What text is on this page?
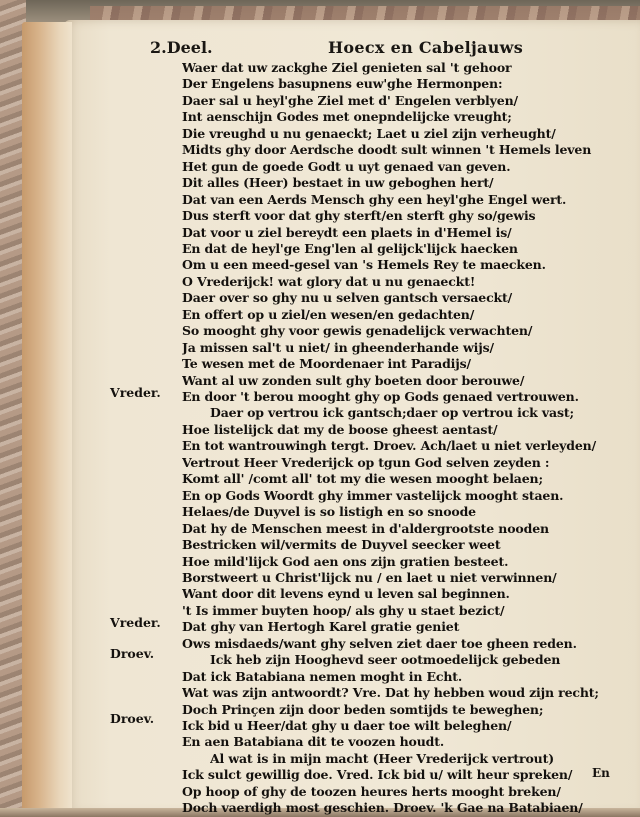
2.Deel.	Hoecx en Cabeljauws
Vreder.
Vreder.
Droev.
Droev.
Waer dat uw zackghe Ziel genieten sal 't gehoor
Der Engelens basupnens euw'ghe Hermonpen:
Daer sal u heyl'ghe Ziel met d' Engelen verblyen/
Int aenschijn Godes met onepndelijcke vreught;
Die vreughd u nu genaeckt; Laet u ziel zijn verheught/
Midts ghy door Aerdsche doodt sult winnen 't Hemels leven
Het gun de goede Godt u uyt genaed van geven.
Dit alles (Heer) bestaet in uw geboghen hert/
Dat van een Aerds Mensch ghy een heyl'ghe Engel wert.
Dus sterft voor dat ghy sterft/en sterft ghy so/gewis
Dat voor u ziel bereydt een plaets in d'Hemel is/
En dat de heyl'ge Eng'len al gelijck'lijck haecken
Om u een meed-gesel van 's Hemels Rey te maecken.
O Vrederijck! wat glory dat u nu genaeckt!
Daer over so ghy nu u selven gantsch versaeckt/
En offert op u ziel/en wesen/en gedachten/
So mooght ghy voor gewis genadelijck verwachten/
Ja missen sal't u niet/ in gheenderhande wijs/
Te wesen met de Moordenaer int Paradijs/
Want al uw zonden sult ghy boeten door berouwe/
En door 't berou mooght ghy op Gods genaed vertrouwen.
Daer op vertrou ick gantsch;daer op vertrou ick vast;
Hoe listelijck dat my de boose gheest aentast/
En tot wantrouwingh tergt. Droev. Ach/laet u niet verleyden/
Vertrout Heer Vrederijck op tgun God selven zeyden :
Komt all' /comt all' tot my die wesen mooght belaen;
En op Gods Woordt ghy immer vastelijck mooght staen.
Helaes/de Duyvel is so listigh en so snoode
Dat hy de Menschen meest in d'aldergrootste nooden
Bestricken wil/vermits de Duyvel seecker weet
Hoe mild'lijck God aen ons zijn gratien besteet.
Borstweert u Christ'lijck nu / en laet u niet verwinnen/
Want door dit levens eynd u leven sal beginnen.
't Is immer buyten hoop/ als ghy u staet bezict/
Dat ghy van Hertogh Karel gratie geniet
Ows misdaeds/want ghy selven ziet daer toe gheen reden.
Ick heb zijn Hooghevd seer ootmoedelijck gebeden
Dat ick Batabiana nemen moght in Echt.
Wat was zijn antwoordt? Vre. Dat hy hebben woud zijn recht;
Doch Prinçen zijn door beden somtijds te beweghen;
Ick bid u Heer/dat ghy u daer toe wilt beleghen/
En aen Batabiana dit te voozen houdt.
Al wat is in mijn macht (Heer Vrederijck vertrout)
Ick sulct gewillig doe. Vred. Ick bid u/ wilt heur spreken/
Op hoop of ghy de toozen heures herts mooght breken/
Doch vaerdigh most geschien. Droev. 'k Gae na Batabiaen/
En
